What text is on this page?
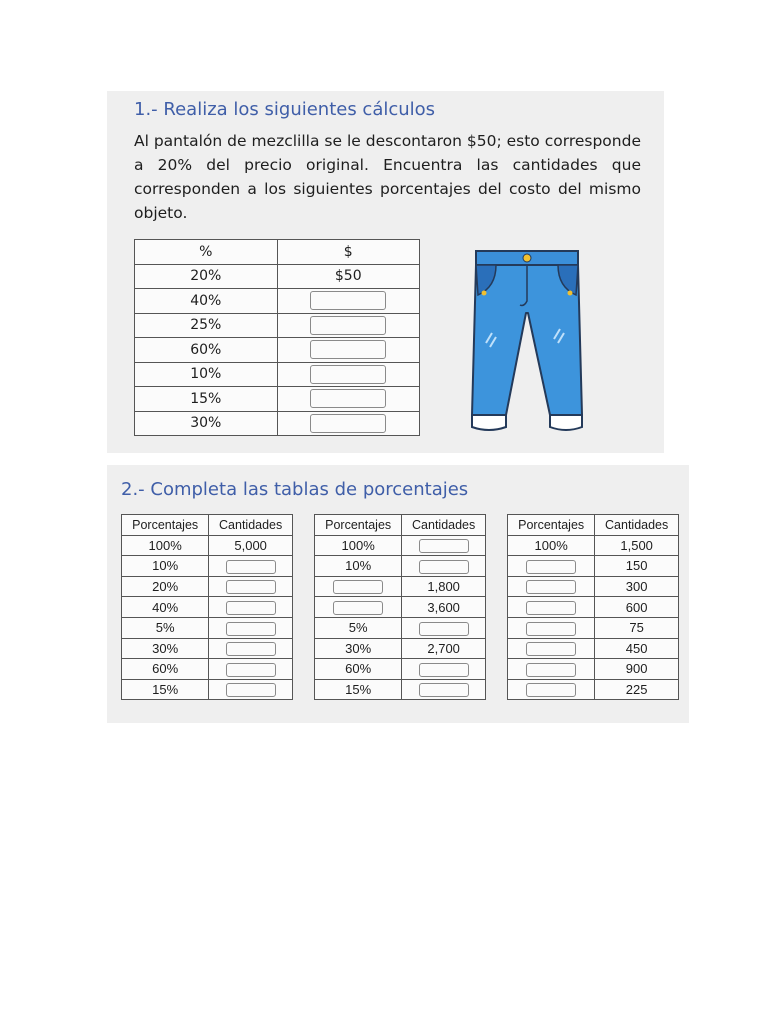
1.- Realiza los siguientes cálculos
Al pantalón de mezclilla se le descontaron $50; esto corresponde a 20% del precio original. Encuentra las cantidades que corresponden a los siguientes porcentajes del costo del mismo objeto.
%	$
20%	$50
40%	
25%	
60%	
10%	
15%	
30%	
2.- Completa las tablas de porcentajes
Porcentajes	Cantidades
100%	5,000
10%	
20%	
40%	
5%	
30%	
60%	
15%	
Porcentajes	Cantidades
100%	
10%	
	1,800
	3,600
5%	
30%	2,700
60%	
15%	
Porcentajes	Cantidades
100%	1,500
	150
	300
	600
	75
	450
	900
	225
